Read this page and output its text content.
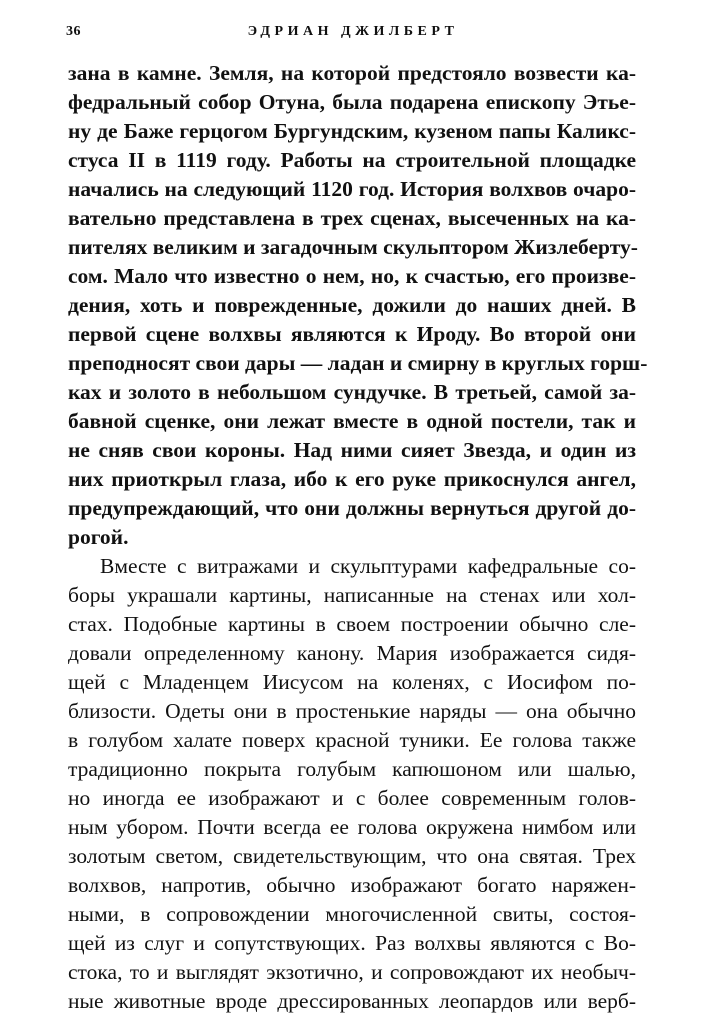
36	ЭДРИАН ДЖИЛБЕРТ
зана в камне. Земля, на которой предстояло возвести ка-
федральный собор Отуна, была подарена епископу Этье-
ну де Баже герцогом Бургундским, кузеном папы Каликс-
стуса II в 1119 году. Работы на строительной площадке
начались на следующий 1120 год. История волхвов очаро-
вательно представлена в трех сценах, высеченных на ка-
пителях великим и загадочным скульптором Жизлеберту-
сом. Мало что известно о нем, но, к счастью, его произве-
дения, хоть и поврежденные, дожили до наших дней. В
первой сцене волхвы являются к Ироду. Во второй они
преподносят свои дары — ладан и смирну в круглых горш-
ках и золото в небольшом сундучке. В третьей, самой за-
бавной сценке, они лежат вместе в одной постели, так и
не сняв свои короны. Над ними сияет Звезда, и один из
них приоткрыл глаза, ибо к его руке прикоснулся ангел,
предупреждающий, что они должны вернуться другой до-
рогой.
Вместе с витражами и скульптурами кафедральные со-
боры украшали картины, написанные на стенах или хол-
стах. Подобные картины в своем построении обычно сле-
довали определенному канону. Мария изображается сидя-
щей с Младенцем Иисусом на коленях, с Иосифом по-
близости. Одеты они в простенькие наряды — она обычно
в голубом халате поверх красной туники. Ее голова также
традиционно покрыта голубым капюшоном или шалью,
но иногда ее изображают и с более современным голов-
ным убором. Почти всегда ее голова окружена нимбом или
золотым светом, свидетельствующим, что она святая. Трех
волхвов, напротив, обычно изображают богато наряжен-
ными, в сопровождении многочисленной свиты, состоя-
щей из слуг и сопутствующих. Раз волхвы являются с Во-
стока, то и выглядят экзотично, и сопровождают их необыч-
ные животные вроде дрессированных леопардов или верб-
